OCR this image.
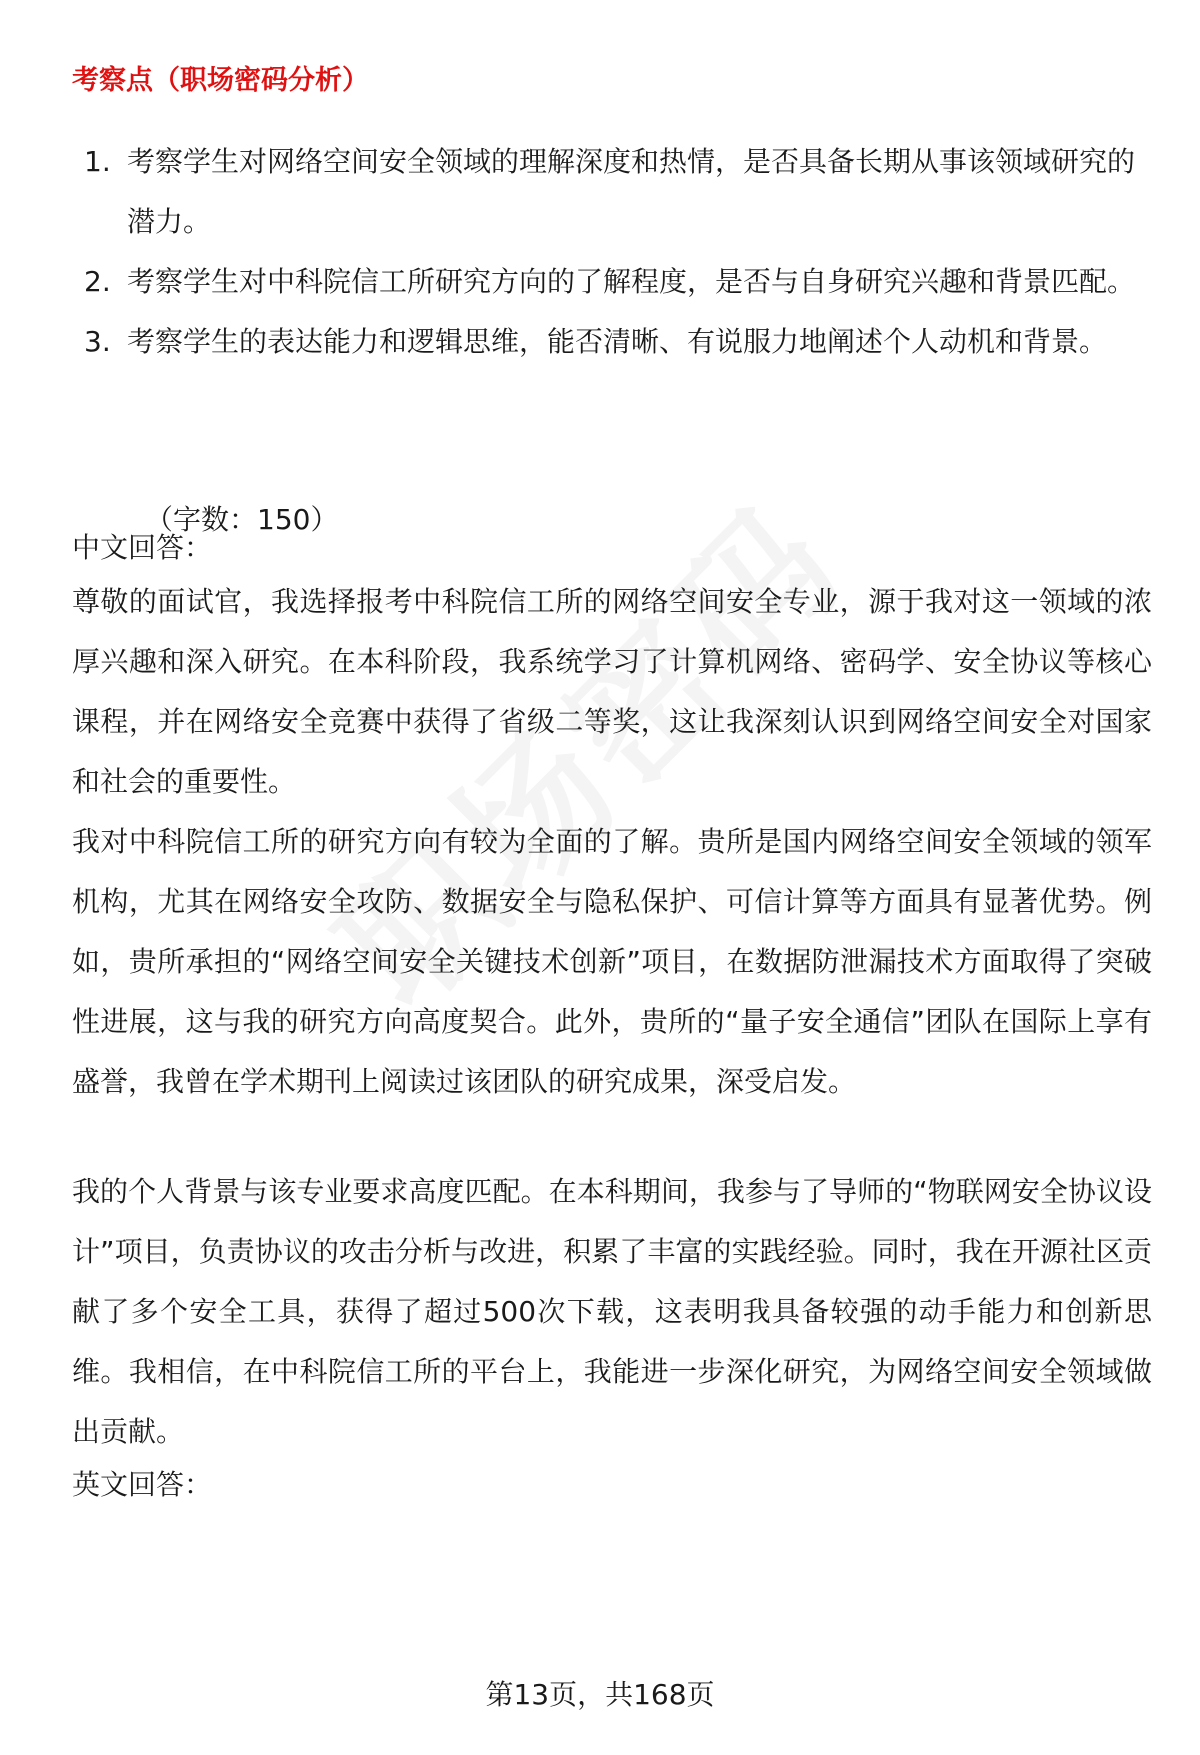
考察点（职场密码分析）
1. 考察学生对网络空间安全领域的理解深度和热情，是否具备长期从事该领域研究的潜力。
2. 考察学生对中科院信工所研究方向的了解程度，是否与自身研究兴趣和背景匹配。
3. 考察学生的表达能力和逻辑思维，能否清晰、有说服力地阐述个人动机和背景。
（字数：150）
中文回答：
尊敬的面试官，我选择报考中科院信工所的网络空间安全专业，源于我对这一领域的浓厚兴趣和深入研究。在本科阶段，我系统学习了计算机网络、密码学、安全协议等核心课程，并在网络安全竞赛中获得了省级二等奖，这让我深刻认识到网络空间安全对国家和社会的重要性。
我对中科院信工所的研究方向有较为全面的了解。贵所是国内网络空间安全领域的领军机构，尤其在网络安全攻防、数据安全与隐私保护、可信计算等方面具有显著优势。例如，贵所承担的“网络空间安全关键技术创新”项目，在数据防泄漏技术方面取得了突破性进展，这与我的研究方向高度契合。此外，贵所的“量子安全通信”团队在国际上享有盛誉，我曾在学术期刊上阅读过该团队的研究成果，深受启发。
我的个人背景与该专业要求高度匹配。在本科期间，我参与了导师的“物联网安全协议设计”项目，负责协议的攻击分析与改进，积累了丰富的实践经验。同时，我在开源社区贡献了多个安全工具，获得了超过500次下载，这表明我具备较强的动手能力和创新思维。我相信，在中科院信工所的平台上，我能进一步深化研究，为网络空间安全领域做出贡献。
英文回答：
第13页，共168页
